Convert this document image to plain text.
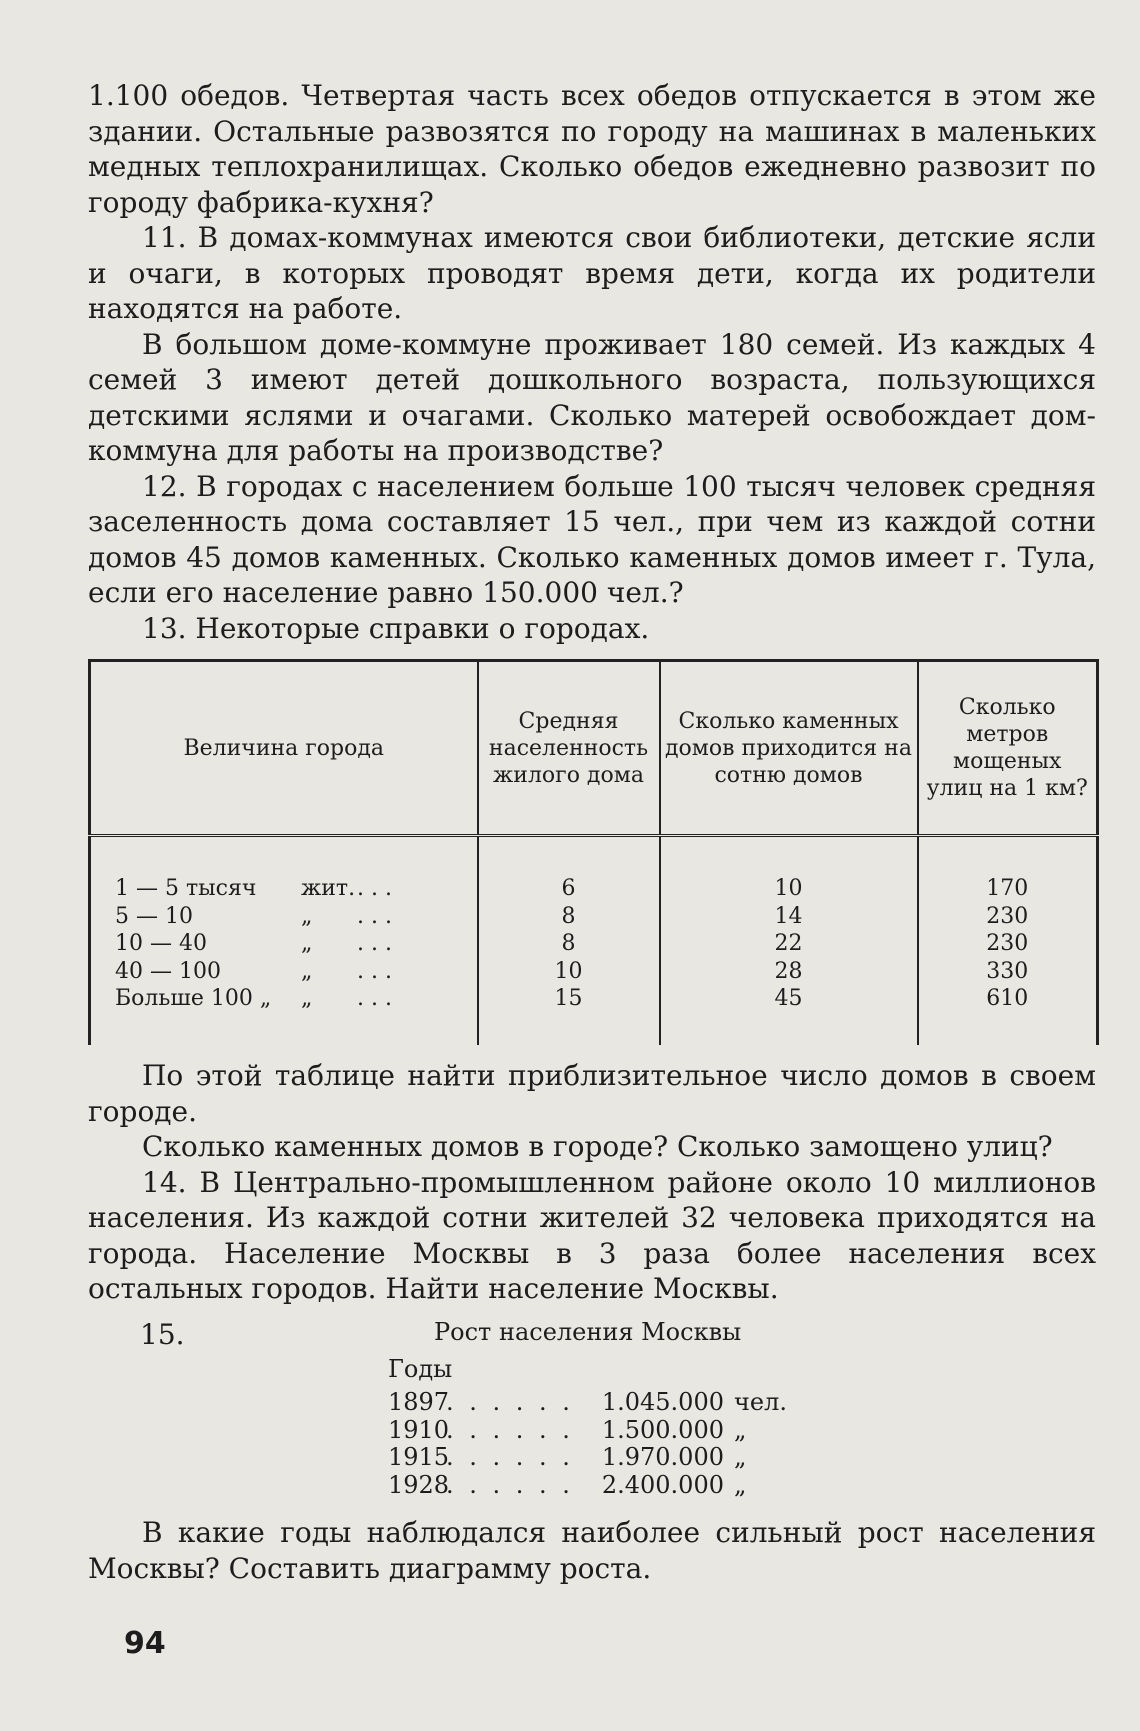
1.100 обедов. Четвертая часть всех обедов отпускается в этом же здании. Остальные развозятся по городу на машинах в маленьких медных теплохранилищах. Сколько обедов ежедневно развозит по городу фабрика-кухня?

11. В домах-коммунах имеются свои библиотеки, детские ясли и очаги, в которых проводят время дети, когда их родители находятся на работе.

В большом доме-коммуне проживает 180 семей. Из каждых 4 семей 3 имеют детей дошкольного возраста, пользующихся детскими яслями и очагами. Сколько матерей освобождает дом-коммуна для работы на производстве?

12. В городах с населением больше 100 тысяч человек средняя заселенность дома составляет 15 чел., при чем из каждой сотни домов 45 домов каменных. Сколько каменных домов имеет г. Тула, если его население равно 150.000 чел.?

13. Некоторые справки о городах.

Величина города	Средняя населенность жилого дома	Сколько каменных домов приходится на сотню домов	Сколько метров мощеных улиц на 1 км?
1 — 5 тысяч жит.. . .	6	10	170
5 — 10 „ . . .	8	14	230
10 — 40 „ . . .	8	22	230
40 — 100 „ . . .	10	28	330
Больше 100 „ „ . . .	15	45	610

По этой таблице найти приблизительное число домов в своем городе.

Сколько каменных домов в городе? Сколько замощено улиц?

14. В Центрально-промышленном районе около 10 миллионов населения. Из каждой сотни жителей 32 человека приходятся на города. Население Москвы в 3 раза более населения всех остальных городов. Найти население Москвы.

15.	Рост населения Москвы
Годы
1897. . . . . . 1.045.000 чел.
1910. . . . . . 1.500.000 „
1915. . . . . . 1.970.000 „
1928. . . . . . 2.400.000 „

В какие годы наблюдался наиболее сильный рост населения Москвы? Составить диаграмму роста.

94
